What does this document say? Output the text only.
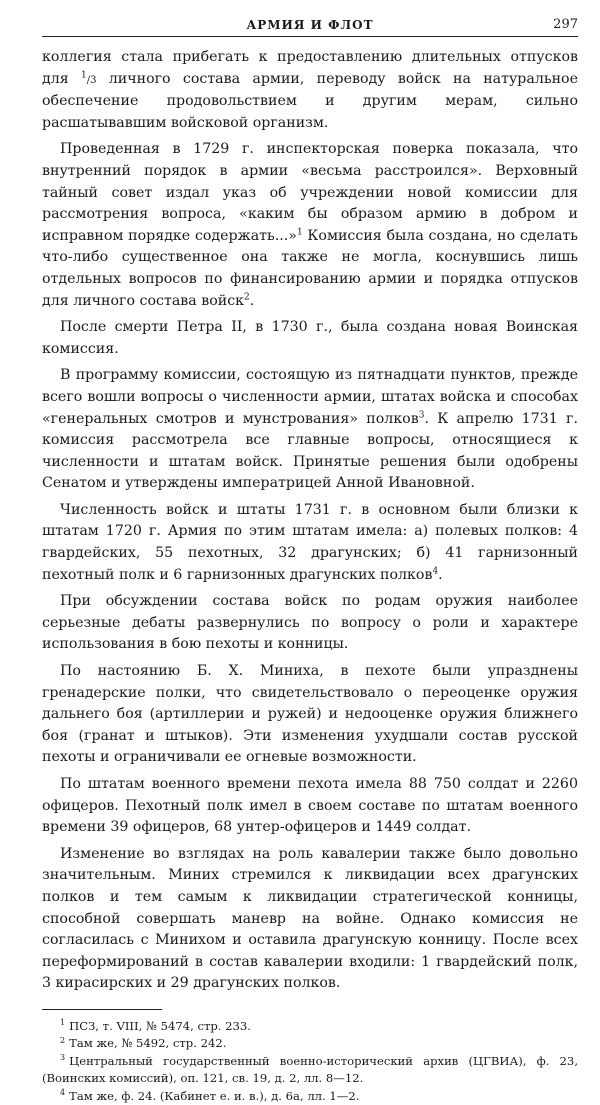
АРМИЯ И ФЛОТ	297

коллегия стала прибегать к предоставлению длительных отпусков для $^1$/3 личного состава армии, переводу войск на натуральное обеспечение продовольствием и другим мерам, сильно расшатывавшим войсковой организм.

Проведенная в 1729 г. инспекторская поверка показала, что внутренний порядок в армии «весьма расстроился». Верховный тайный совет издал указ об учреждении новой комиссии для рассмотрения вопроса, «каким бы образом армию в добром и исправном порядке содержать...»$^1$ Комиссия была создана, но сделать что-либо существенное она также не могла, коснувшись лишь отдельных вопросов по финансированию армии и порядка отпусков для личного состава войск$^2$.

После смерти Петра II, в 1730 г., была создана новая Воинская комиссия.

В программу комиссии, состоящую из пятнадцати пунктов, прежде всего вошли вопросы о численности армии, штатах войска и способах «генеральных смотров и мунстрования» полков$^3$. К апрелю 1731 г. комиссия рассмотрела все главные вопросы, относящиеся к численности и штатам войск. Принятые решения были одобрены Сенатом и утверждены императрицей Анной Ивановной.

Численность войск и штаты 1731 г. в основном были близки к штатам 1720 г. Армия по этим штатам имела: а) полевых полков: 4 гвардейских, 55 пехотных, 32 драгунских; б) 41 гарнизонный пехотный полк и 6 гарнизонных драгунских полков$^4$.

При обсуждении состава войск по родам оружия наиболее серьезные дебаты развернулись по вопросу о роли и характере использования в бою пехоты и конницы.

По настоянию Б. Х. Миниха, в пехоте были упразднены гренадерские полки, что свидетельствовало о переоценке оружия дальнего боя (артиллерии и ружей) и недооценке оружия ближнего боя (гранат и штыков). Эти изменения ухудшали состав русской пехоты и ограничивали ее огневые возможности.

По штатам военного времени пехота имела 88 750 солдат и 2260 офицеров. Пехотный полк имел в своем составе по штатам военного времени 39 офицеров, 68 унтер-офицеров и 1449 солдат.

Изменение во взглядах на роль кавалерии также было довольно значительным. Миних стремился к ликвидации всех драгунских полков и тем самым к ликвидации стратегической конницы, способной совершать маневр на войне. Однако комиссия не согласилась с Минихом и оставила драгунскую конницу. После всех переформирований в состав кавалерии входили: 1 гвардейский полк, 3 кирасирских и 29 драгунских полков.

$^1$ ПСЗ, т. VIII, № 5474, стр. 233.

$^2$ Там же, № 5492, стр. 242.

$^3$ Центральный государственный военно-исторический архив (ЦГВИА), ф. 23, (Воинских комиссий), оп. 121, св. 19, д. 2, лл. 8—12.

$^4$ Там же, ф. 24. (Кабинет е. и. в.), д. 6а, лл. 1—2.
